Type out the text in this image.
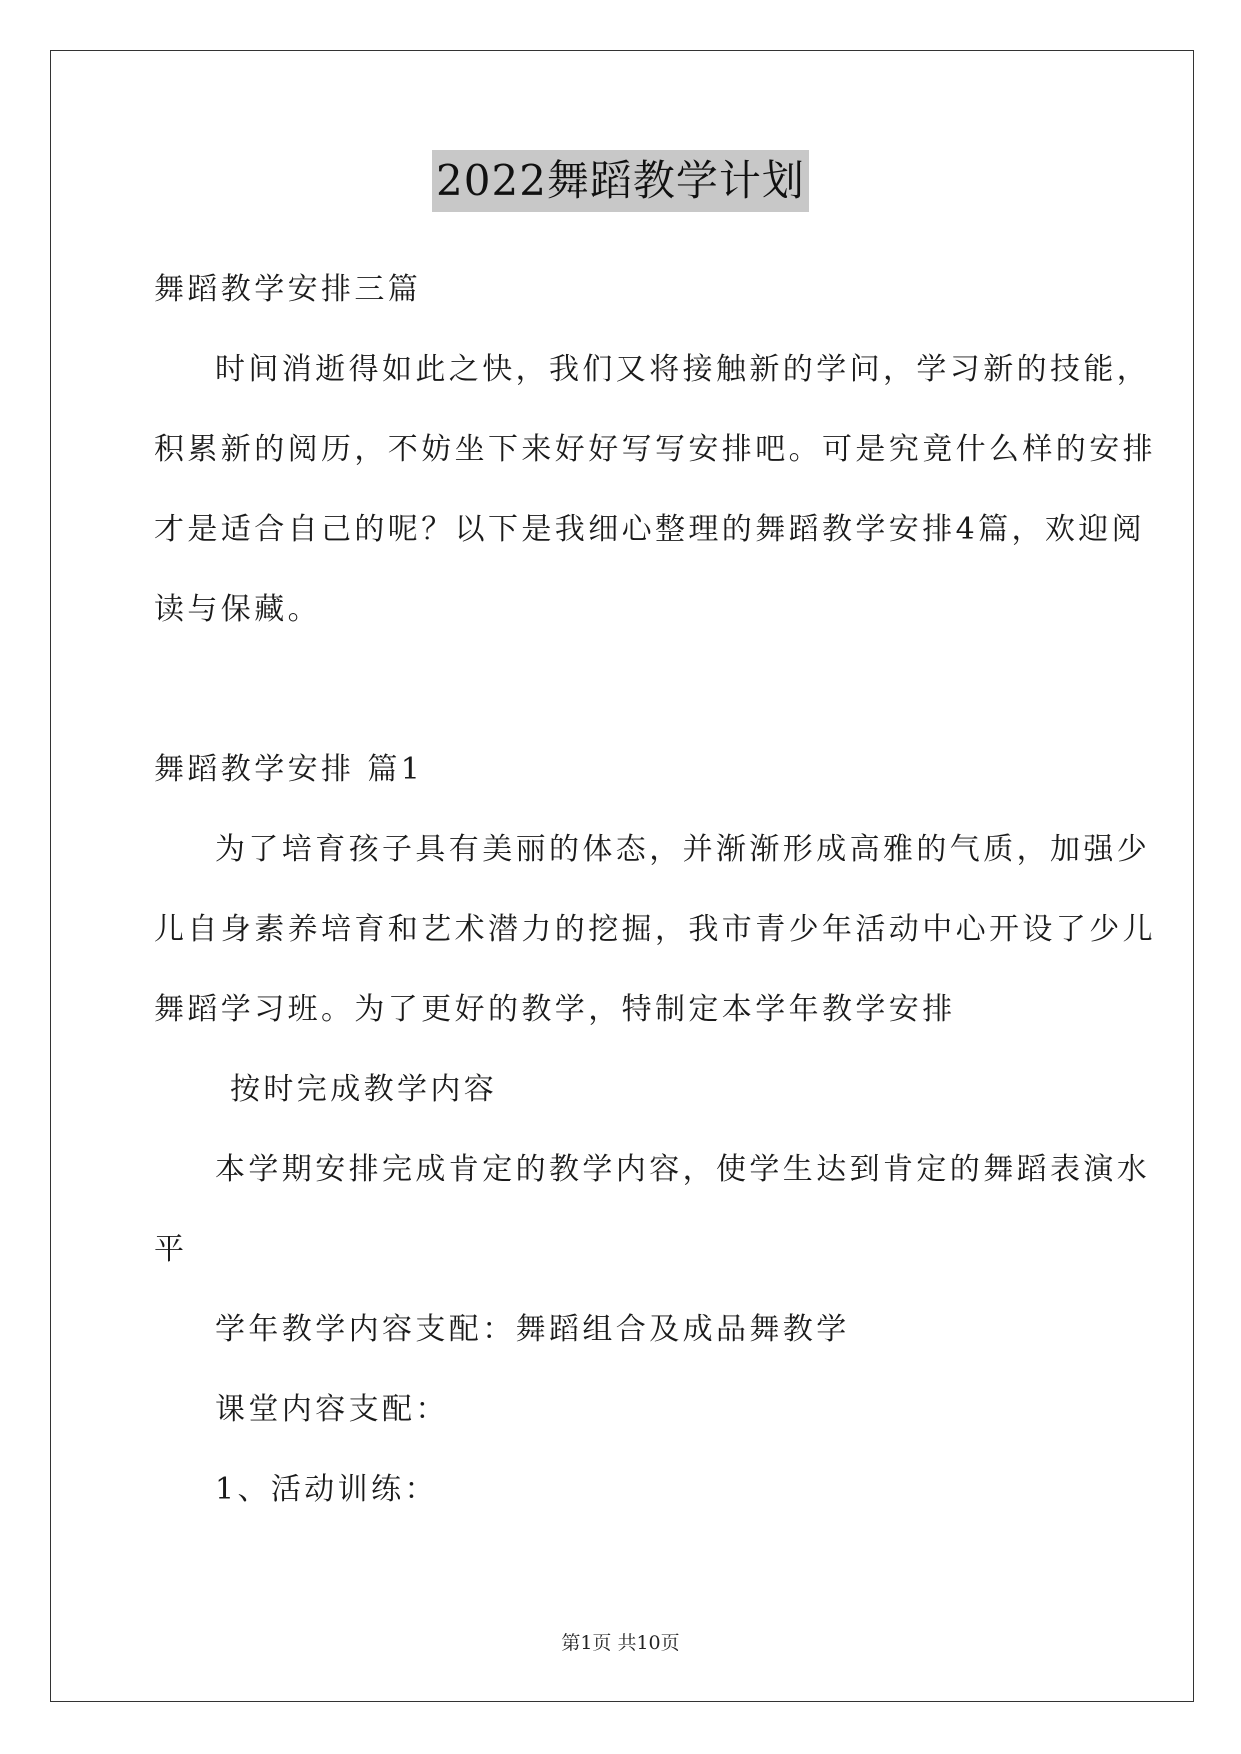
2022舞蹈教学计划
舞蹈教学安排三篇
时间消逝得如此之快，我们又将接触新的学问，学习新的技能，
积累新的阅历，不妨坐下来好好写写安排吧。可是究竟什么样的安排
才是适合自己的呢？以下是我细心整理的舞蹈教学安排4篇，欢迎阅
读与保藏。
舞蹈教学安排 篇1
为了培育孩子具有美丽的体态，并渐渐形成高雅的气质，加强少
儿自身素养培育和艺术潜力的挖掘，我市青少年活动中心开设了少儿
舞蹈学习班。为了更好的教学，特制定本学年教学安排
按时完成教学内容
本学期安排完成肯定的教学内容，使学生达到肯定的舞蹈表演水
平
学年教学内容支配：舞蹈组合及成品舞教学
课堂内容支配：
1、活动训练：
第1页 共10页
